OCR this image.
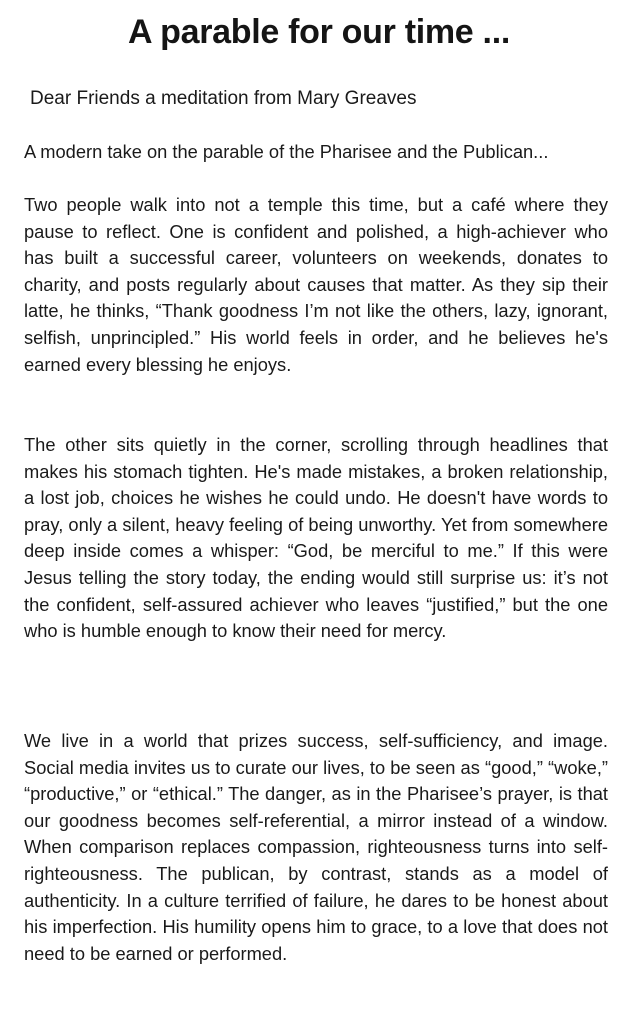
A parable for our time ...

Dear Friends a meditation from Mary Greaves

A modern take on the parable of the Pharisee and the Publican...

Two people walk into not a temple this time, but a café where they pause to reflect. One is confident and polished, a high-achiever who has built a successful career, volunteers on weekends, donates to charity, and posts regularly about causes that matter. As they sip their latte, he thinks, “Thank goodness I’m not like the others, lazy, ignorant, selfish, unprincipled.” His world feels in order, and he believes he's earned every blessing he enjoys.

The other sits quietly in the corner, scrolling through headlines that makes his stomach tighten. He's made mistakes, a broken relationship, a lost job, choices he wishes he could undo. He doesn't have words to pray, only a silent, heavy feeling of being unworthy. Yet from somewhere deep inside comes a whisper: “God, be merciful to me.” If this were Jesus telling the story today, the ending would still surprise us: it’s not the confident, self-assured achiever who leaves “justified,” but the one who is humble enough to know their need for mercy.

We live in a world that prizes success, self-sufficiency, and image. Social media invites us to curate our lives, to be seen as “good,” “woke,” “productive,” or “ethical.” The danger, as in the Pharisee’s prayer, is that our goodness becomes self-referential, a mirror instead of a window. When comparison replaces compassion, righteousness turns into self-righteousness. The publican, by contrast, stands as a model of authenticity. In a culture terrified of failure, he dares to be honest about his imperfection. His humility opens him to grace, to a love that does not need to be earned or performed.
